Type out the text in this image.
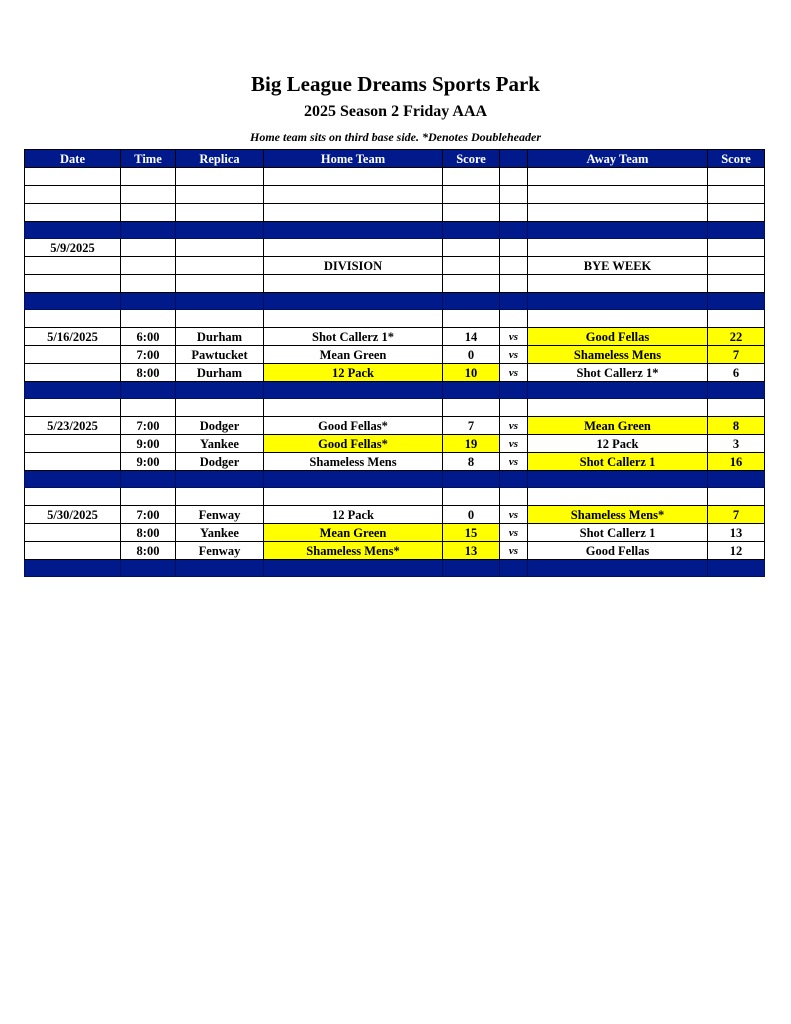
Big League Dreams Sports Park
2025 Season 2 Friday AAA
Home team sits on third base side. *Denotes Doubleheader
Date	Time	Replica	Home Team	Score		Away Team	Score

5/9/2025							
			DIVISION			BYE WEEK	

5/16/2025	6:00	Durham	Shot Callerz 1*	14	vs	Good Fellas	22
	7:00	Pawtucket	Mean Green	0	vs	Shameless Mens	7
	8:00	Durham	12 Pack	10	vs	Shot Callerz 1*	6

5/23/2025	7:00	Dodger	Good Fellas*	7	vs	Mean Green	8
	9:00	Yankee	Good Fellas*	19	vs	12 Pack	3
	9:00	Dodger	Shameless Mens	8	vs	Shot Callerz 1	16

5/30/2025	7:00	Fenway	12 Pack	0	vs	Shameless Mens*	7
	8:00	Yankee	Mean Green	15	vs	Shot Callerz 1	13
	8:00	Fenway	Shameless Mens*	13	vs	Good Fellas	12
